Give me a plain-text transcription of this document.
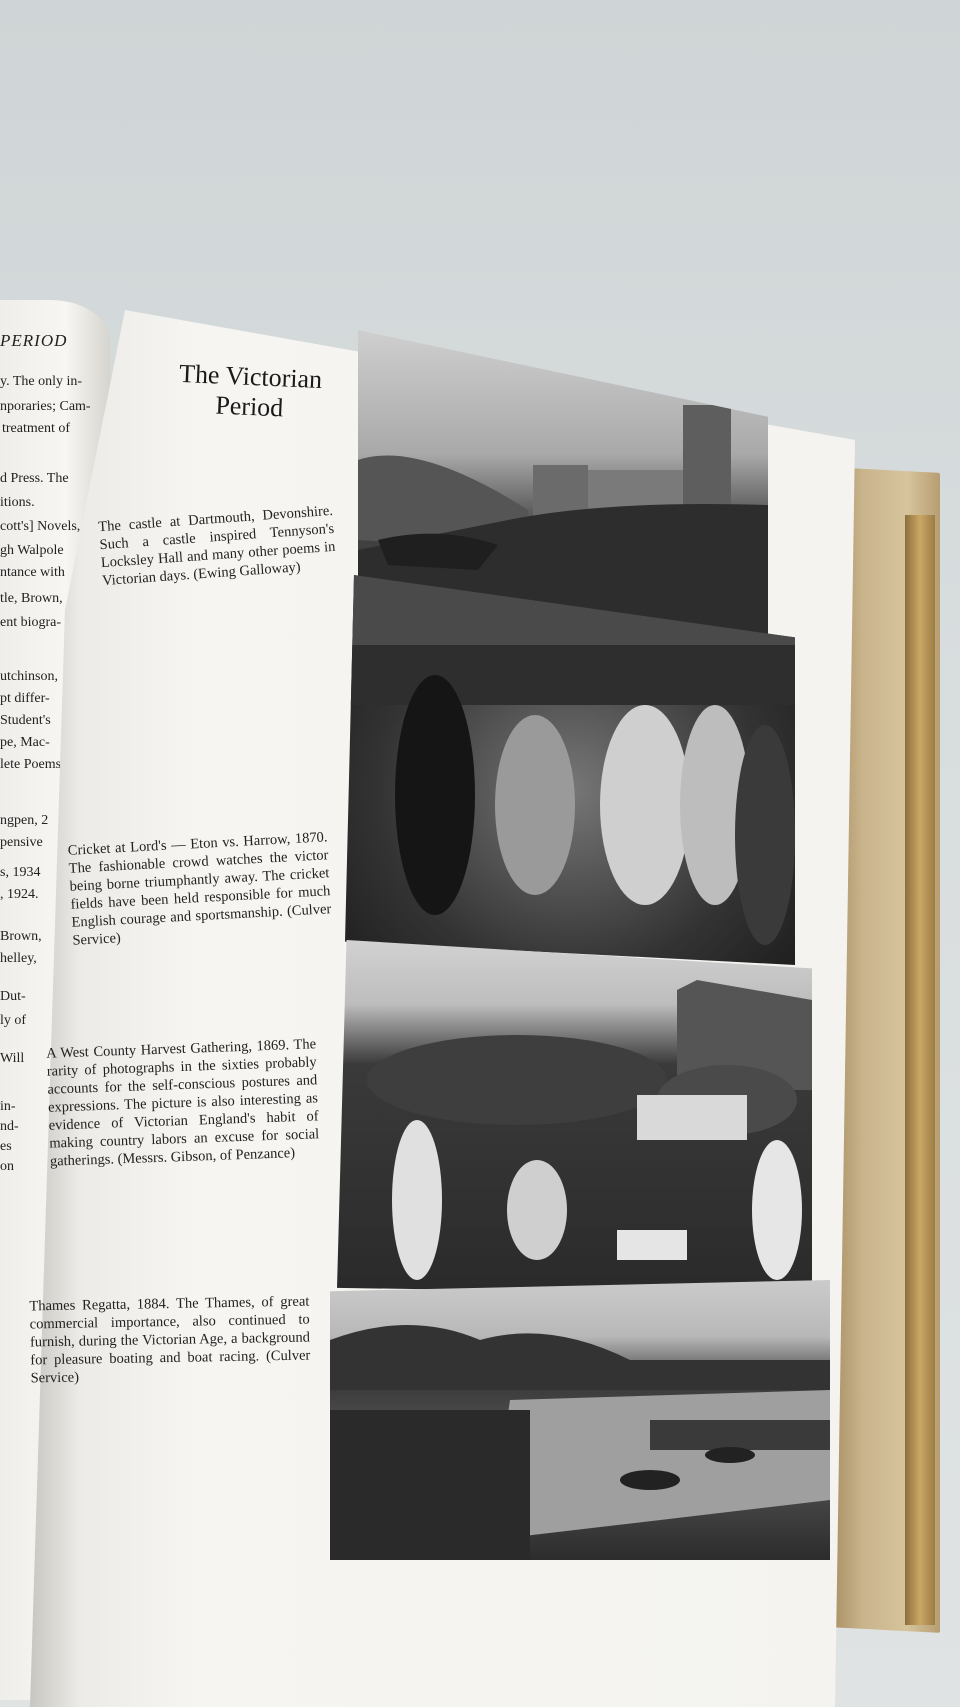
PERIOD
y. The only in-
nporaries; Cam-
treatment of
d Press. The
itions.
cott's] Novels,
gh Walpole
ntance with
tle, Brown,
ent biogra-
utchinson,
pt differ-
Student's
pe, Mac-
lete Poems
ngpen, 2
pensive
s, 1934
, 1924.
Brown,
helley,
Dut-
ly of
Will
in-
nd-
es
on
The Victorian
Period
The castle at Dartmouth, Devonshire. Such a castle inspired Tennyson's Locksley Hall and many other poems in Victorian days. (Ewing Galloway)
Cricket at Lord's — Eton vs. Harrow, 1870. The fashionable crowd watches the victor being borne triumphantly away. The cricket fields have been held responsible for much English courage and sportsmanship. (Culver Service)
A West County Harvest Gathering, 1869. The rarity of photographs in the sixties probably accounts for the self-conscious postures and expressions. The picture is also interesting as evidence of Victorian England's habit of making country labors an excuse for social gatherings. (Messrs. Gibson, of Penzance)
Thames Regatta, 1884. The Thames, of great commercial importance, also continued to furnish, during the Victorian Age, a background for pleasure boating and boat racing. (Culver Service)
